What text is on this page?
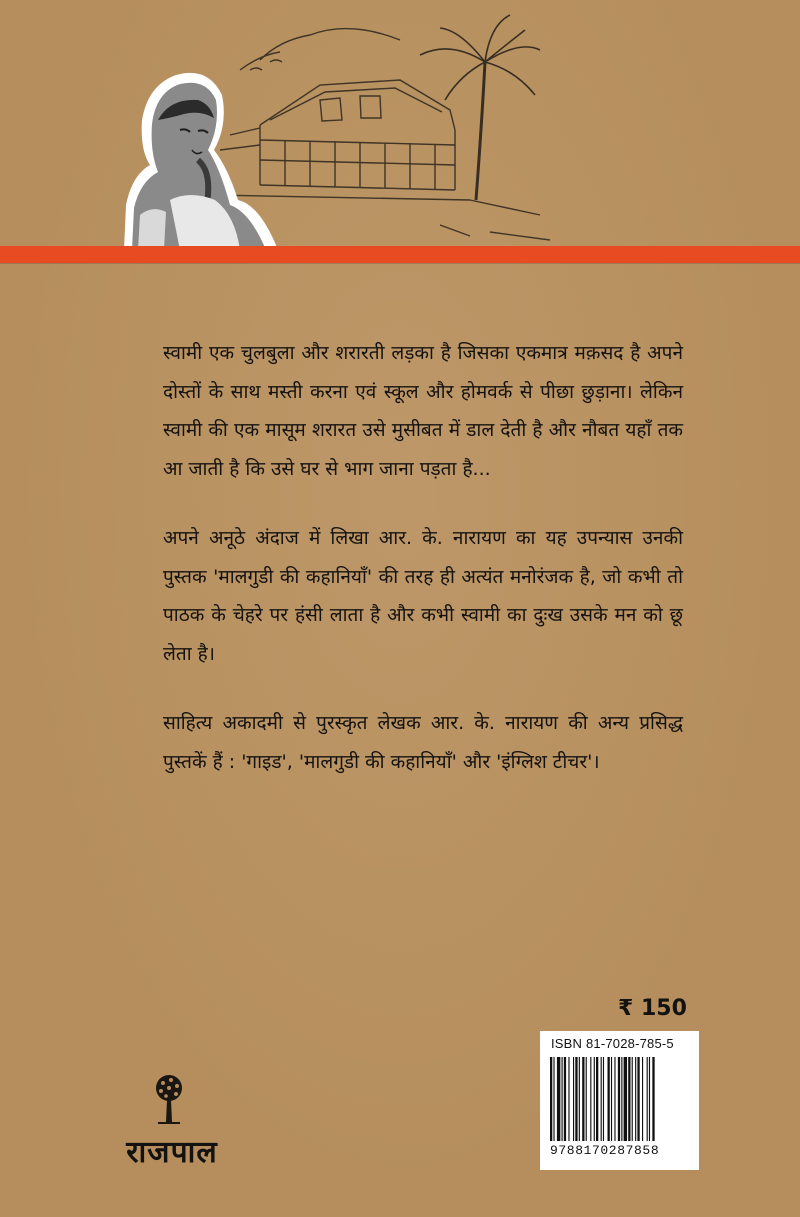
स्वामी एक चुलबुला और शरारती लड़का है जिसका एकमात्र मक़सद है अपने दोस्तों के साथ मस्ती करना एवं स्कूल और होमवर्क से पीछा छुड़ाना। लेकिन स्वामी की एक मासूम शरारत उसे मुसीबत में डाल देती है और नौबत यहाँ तक आ जाती है कि उसे घर से भाग जाना पड़ता है...

अपने अनूठे अंदाज में लिखा आर. के. नारायण का यह उपन्यास उनकी पुस्तक 'मालगुडी की कहानियाँ' की तरह ही अत्यंत मनोरंजक है, जो कभी तो पाठक के चेहरे पर हंसी लाता है और कभी स्वामी का दुःख उसके मन को छू लेता है।

साहित्य अकादमी से पुरस्कृत लेखक आर. के. नारायण की अन्य प्रसिद्ध पुस्तकें हैं : 'गाइड', 'मालगुडी की कहानियाँ' और 'इंग्लिश टीचर'।

₹ 150
ISBN 81-7028-785-5
9788170287858
राजपाल
